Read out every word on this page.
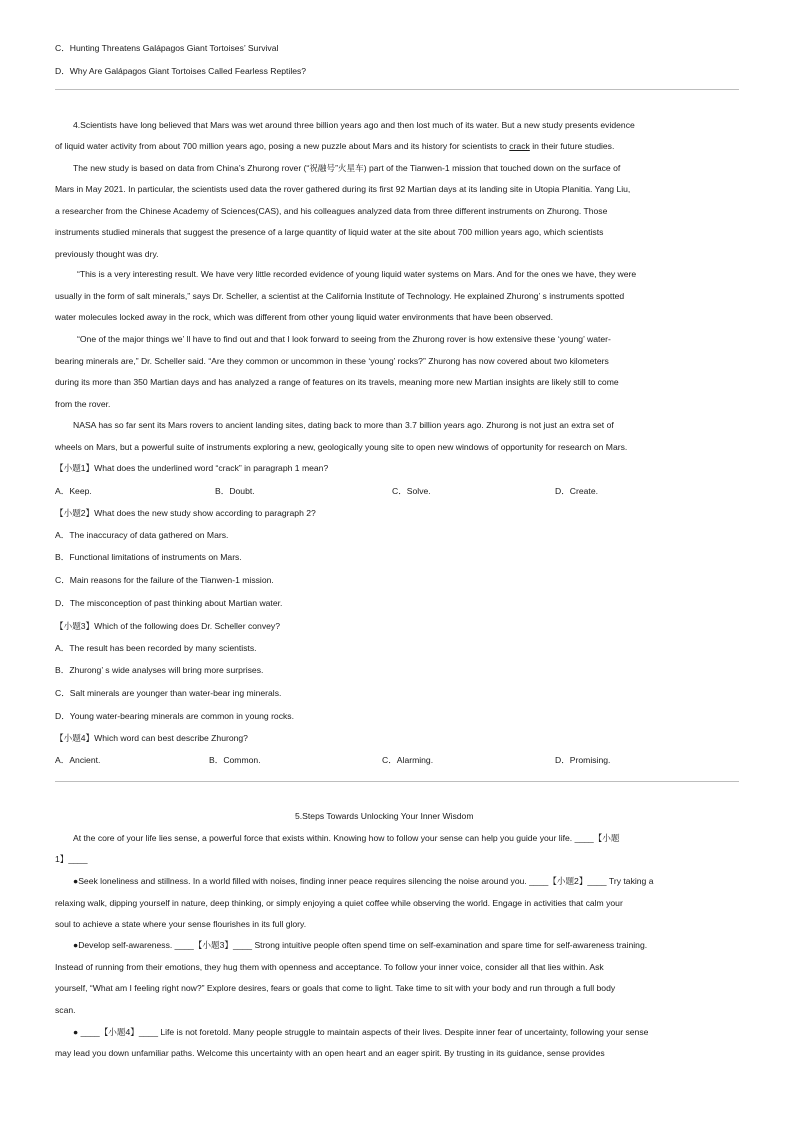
C．Hunting Threatens Galápagos Giant Tortoises’ Survival
D．Why Are Galápagos Giant Tortoises Called Fearless Reptiles?
4.Scientists have long believed that Mars was wet around three billion years ago and then lost much of its water. But a new study presents evidence
of liquid water activity from about 700 million years ago, posing a new puzzle about Mars and its history for scientists to crack in their future studies.
The new study is based on data from China’s Zhurong rover (“祝融号”火星车) part of the Tianwen-1 mission that touched down on the surface of
Mars in May 2021. In particular, the scientists used data the rover gathered during its first 92 Martian days at its landing site in Utopia Planitia. Yang Liu,
a researcher from the Chinese Academy of Sciences(CAS), and his colleagues analyzed data from three different instruments on Zhurong. Those
instruments studied minerals that suggest the presence of a large quantity of liquid water at the site about 700 million years ago, which scientists
previously thought was dry.
“This is a very interesting result. We have very little recorded evidence of young liquid water systems on Mars. And for the ones we have, they were
usually in the form of salt minerals,” says Dr. Scheller, a scientist at the California Institute of Technology. He explained Zhurong’ s instruments spotted
water molecules locked away in the rock, which was different from other young liquid water environments that have been observed.
“One of the major things we’ ll have to find out and that I look forward to seeing from the Zhurong rover is how extensive these ‘young’ water-
bearing minerals are,” Dr. Scheller said. “Are they common or uncommon in these ‘young’ rocks?” Zhurong has now covered about two kilometers
during its more than 350 Martian days and has analyzed a range of features on its travels, meaning more new Martian insights are likely still to come
from the rover.
NASA has so far sent its Mars rovers to ancient landing sites, dating back to more than 3.7 billion years ago. Zhurong is not just an extra set of
wheels on Mars, but a powerful suite of instruments exploring a new, geologically young site to open new windows of opportunity for research on Mars.
【小题1】What does the underlined word “crack” in paragraph 1 mean?
A．Keep.	B．Doubt.	C．Solve.	D．Create.
【小题2】What does the new study show according to paragraph 2?
A．The inaccuracy of data gathered on Mars.
B．Functional limitations of instruments on Mars.
C．Main reasons for the failure of the Tianwen-1 mission.
D．The misconception of past thinking about Martian water.
【小题3】Which of the following does Dr. Scheller convey?
A．The result has been recorded by many scientists.
B．Zhurong’ s wide analyses will bring more surprises.
C．Salt minerals are younger than water-bear ing minerals.
D．Young water-bearing minerals are common in young rocks.
【小题4】Which word can best describe Zhurong?
A．Ancient.	B．Common.	C．Alarming.	D．Promising.
5.Steps Towards Unlocking Your Inner Wisdom
At the core of your life lies sense, a powerful force that exists within. Knowing how to follow your sense can help you guide your life. ____【小题
1】____
●Seek loneliness and stillness. In a world filled with noises, finding inner peace requires silencing the noise around you. ____【小题2】____ Try taking a
relaxing walk, dipping yourself in nature, deep thinking, or simply enjoying a quiet coffee while observing the world. Engage in activities that calm your
soul to achieve a state where your sense flourishes in its full glory.
●Develop self-awareness. ____【小题3】____ Strong intuitive people often spend time on self-examination and spare time for self-awareness training.
Instead of running from their emotions, they hug them with openness and acceptance. To follow your inner voice, consider all that lies within. Ask
yourself, “What am I feeling right now?” Explore desires, fears or goals that come to light. Take time to sit with your body and run through a full body
scan.
● ____【小题4】____ Life is not foretold. Many people struggle to maintain aspects of their lives. Despite inner fear of uncertainty, following your sense
may lead you down unfamiliar paths. Welcome this uncertainty with an open heart and an eager spirit. By trusting in its guidance, sense provides
